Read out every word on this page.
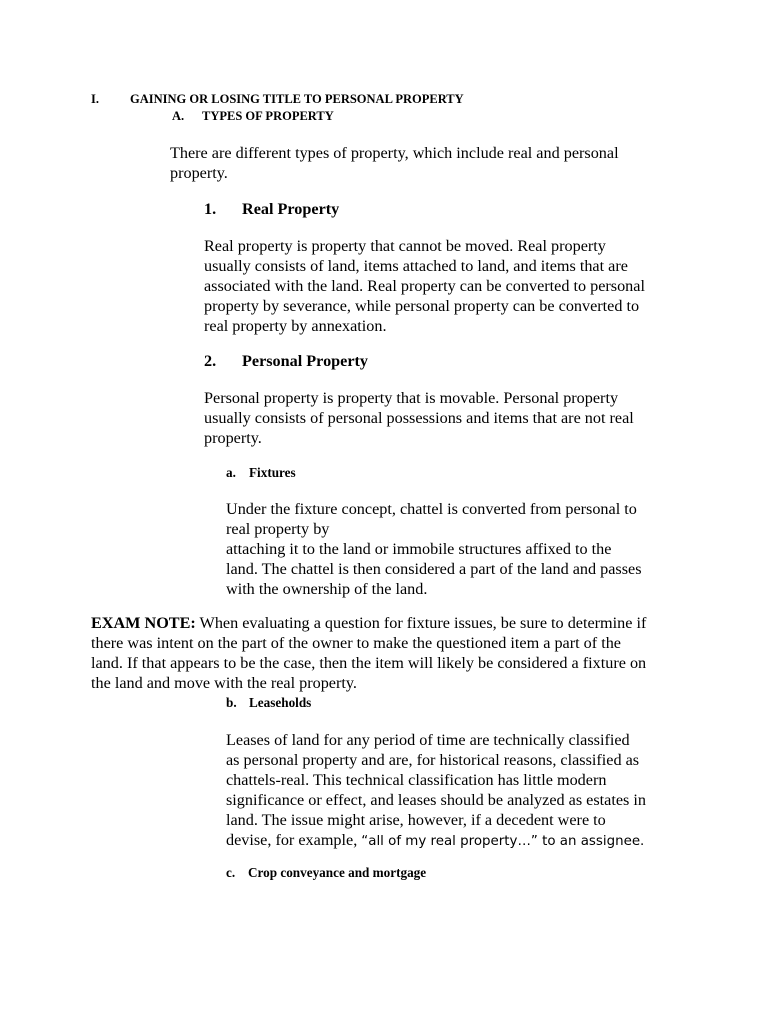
I. GAINING OR LOSING TITLE TO PERSONAL PROPERTY
A. TYPES OF PROPERTY
There are different types of property, which include real and personal
property.
1. Real Property
Real property is property that cannot be moved. Real property
usually consists of land, items attached to land, and items that are
associated with the land. Real property can be converted to personal
property by severance, while personal property can be converted to
real property by annexation.
2. Personal Property
Personal property is property that is movable. Personal property
usually consists of personal possessions and items that are not real
property.
a. Fixtures
Under the fixture concept, chattel is converted from personal to
real property by
attaching it to the land or immobile structures affixed to the
land. The chattel is then considered a part of the land and passes
with the ownership of the land.
EXAM NOTE: When evaluating a question for fixture issues, be sure to determine if
there was intent on the part of the owner to make the questioned item a part of the
land. If that appears to be the case, then the item will likely be considered a fixture on
the land and move with the real property.
b. Leaseholds
Leases of land for any period of time are technically classified
as personal property and are, for historical reasons, classified as
chattels-real. This technical classification has little modern
significance or effect, and leases should be analyzed as estates in
land. The issue might arise, however, if a decedent were to
devise, for example, “all of my real property…” to an assignee.
c. Crop conveyance and mortgage
